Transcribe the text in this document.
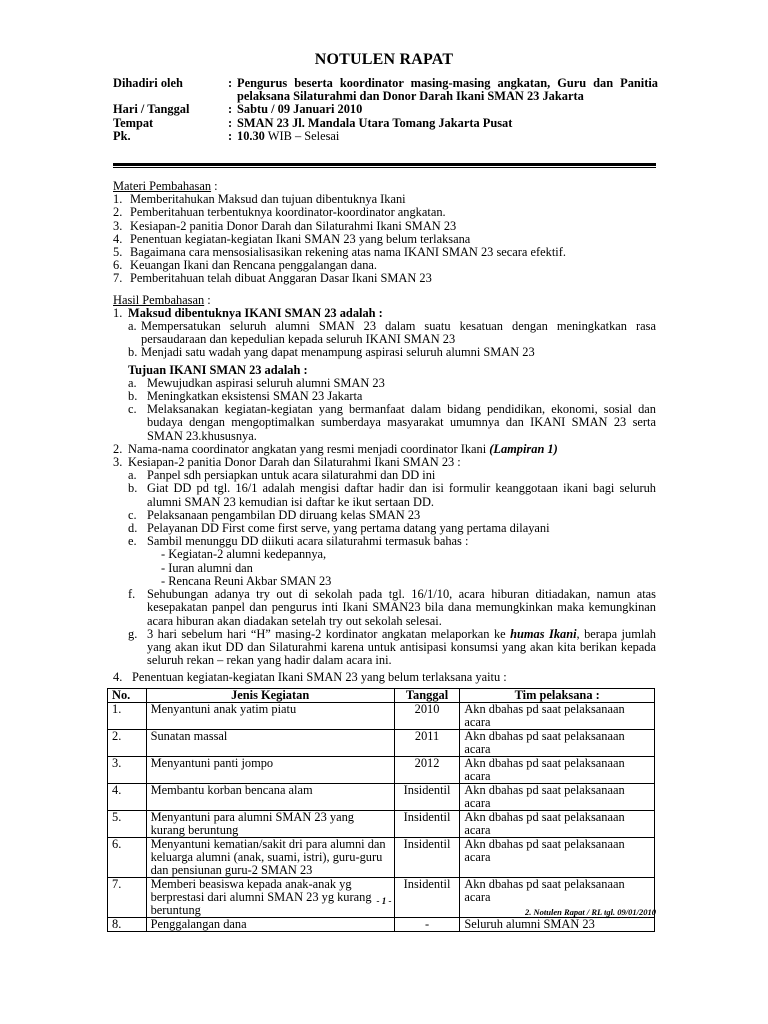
NOTULEN RAPAT
Dihadiri oleh	: Pengurus beserta koordinator masing-masing angkatan, Guru dan Panitia pelaksana Silaturahmi dan Donor Darah Ikani SMAN 23 Jakarta
Hari / Tanggal	: Sabtu / 09 Januari 2010
Tempat	: SMAN 23 Jl. Mandala Utara Tomang Jakarta Pusat
Pk.	: 10.30 WIB – Selesai
Materi Pembahasan :
1. Memberitahukan Maksud dan tujuan dibentuknya Ikani
2. Pemberitahuan terbentuknya koordinator-koordinator angkatan.
3. Kesiapan-2 panitia Donor Darah dan Silaturahmi Ikani SMAN 23
4. Penentuan kegiatan-kegiatan Ikani SMAN 23 yang belum terlaksana
5. Bagaimana cara mensosialisasikan rekening atas nama IKANI SMAN 23 secara efektif.
6. Keuangan Ikani dan Rencana penggalangan dana.
7. Pemberitahuan telah dibuat Anggaran Dasar Ikani SMAN 23
Hasil Pembahasan :
1. Maksud dibentuknya IKANI SMAN 23 adalah :
a. Mempersatukan seluruh alumni SMAN 23 dalam suatu kesatuan dengan meningkatkan rasa persaudaraan dan kepedulian kepada seluruh IKANI SMAN 23
b. Menjadi satu wadah yang dapat menampung aspirasi seluruh alumni SMAN 23
Tujuan IKANI SMAN 23 adalah :
a. Mewujudkan aspirasi seluruh alumni SMAN 23
b. Meningkatkan eksistensi SMAN 23 Jakarta
c. Melaksanakan kegiatan-kegiatan yang bermanfaat dalam bidang pendidikan, ekonomi, sosial dan budaya dengan mengoptimalkan sumberdaya masyarakat umumnya dan IKANI SMAN 23 serta SMAN 23.khususnya.
2. Nama-nama coordinator angkatan yang resmi menjadi coordinator Ikani (Lampiran 1)
3. Kesiapan-2 panitia Donor Darah dan Silaturahmi Ikani SMAN 23 :
a. Panpel sdh persiapkan untuk acara silaturahmi dan DD ini
b. Giat DD pd tgl. 16/1 adalah mengisi daftar hadir dan isi formulir keanggotaan ikani bagi seluruh alumni SMAN 23 kemudian isi daftar ke ikut sertaan DD.
c. Pelaksanaan pengambilan DD diruang kelas SMAN 23
d. Pelayanan DD First come first serve, yang pertama datang yang pertama dilayani
e. Sambil menunggu DD diikuti acara silaturahmi termasuk bahas :
- Kegiatan-2 alumni kedepannya,
- Iuran alumni dan
- Rencana Reuni Akbar SMAN 23
f. Sehubungan adanya try out di sekolah pada tgl. 16/1/10, acara hiburan ditiadakan, namun atas kesepakatan panpel dan pengurus inti Ikani SMAN23 bila dana memungkinkan maka kemungkinan acara hiburan akan diadakan setelah try out sekolah selesai.
g. 3 hari sebelum hari “H” masing-2 kordinator angkatan melaporkan ke humas Ikani, berapa jumlah yang akan ikut DD dan Silaturahmi karena untuk antisipasi konsumsi yang akan kita berikan kepada seluruh rekan – rekan yang hadir dalam acara ini.
4. Penentuan kegiatan-kegiatan Ikani SMAN 23 yang belum terlaksana yaitu :
No.	Jenis Kegiatan	Tanggal	Tim pelaksana :
1.	Menyantuni anak yatim piatu	2010	Akn dbahas pd saat pelaksanaan acara
2.	Sunatan massal	2011	Akn dbahas pd saat pelaksanaan acara
3.	Menyantuni panti jompo	2012	Akn dbahas pd saat pelaksanaan acara
4.	Membantu korban bencana alam	Insidentil	Akn dbahas pd saat pelaksanaan acara
5.	Menyantuni para alumni SMAN 23 yang kurang beruntung	Insidentil	Akn dbahas pd saat pelaksanaan acara
6.	Menyantuni kematian/sakit dri para alumni dan keluarga alumni (anak, suami, istri), guru-guru dan pensiunan guru-2 SMAN 23	Insidentil	Akn dbahas pd saat pelaksanaan acara
7.	Memberi beasiswa kepada anak-anak yg berprestasi dari alumni SMAN 23 yg kurang beruntung	Insidentil	Akn dbahas pd saat pelaksanaan acara
8.	Penggalangan dana	-	Seluruh alumni SMAN 23
- 1 -
2. Notulen Rapat / RL tgl. 09/01/2010
